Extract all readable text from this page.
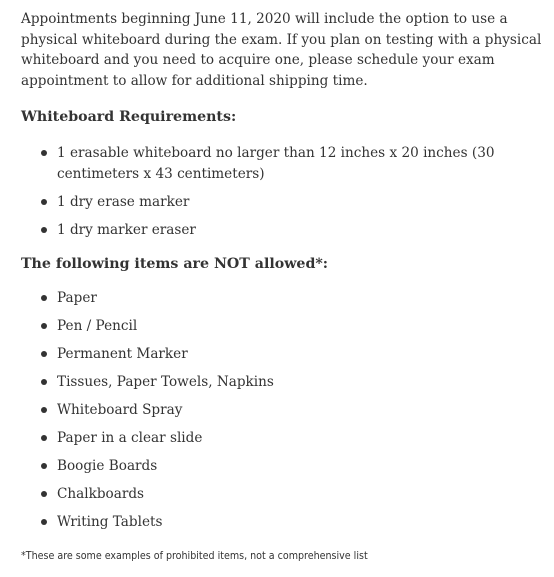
Appointments beginning June 11, 2020 will include the option to use a physical whiteboard during the exam. If you plan on testing with a physical whiteboard and you need to acquire one, please schedule your exam appointment to allow for additional shipping time.

Whiteboard Requirements:
1 erasable whiteboard no larger than 12 inches x 20 inches (30 centimeters x 43 centimeters)
1 dry erase marker
1 dry marker eraser
The following items are NOT allowed*:
Paper
Pen / Pencil
Permanent Marker
Tissues, Paper Towels, Napkins
Whiteboard Spray
Paper in a clear slide
Boogie Boards
Chalkboards
Writing Tablets

*These are some examples of prohibited items, not a comprehensive list
